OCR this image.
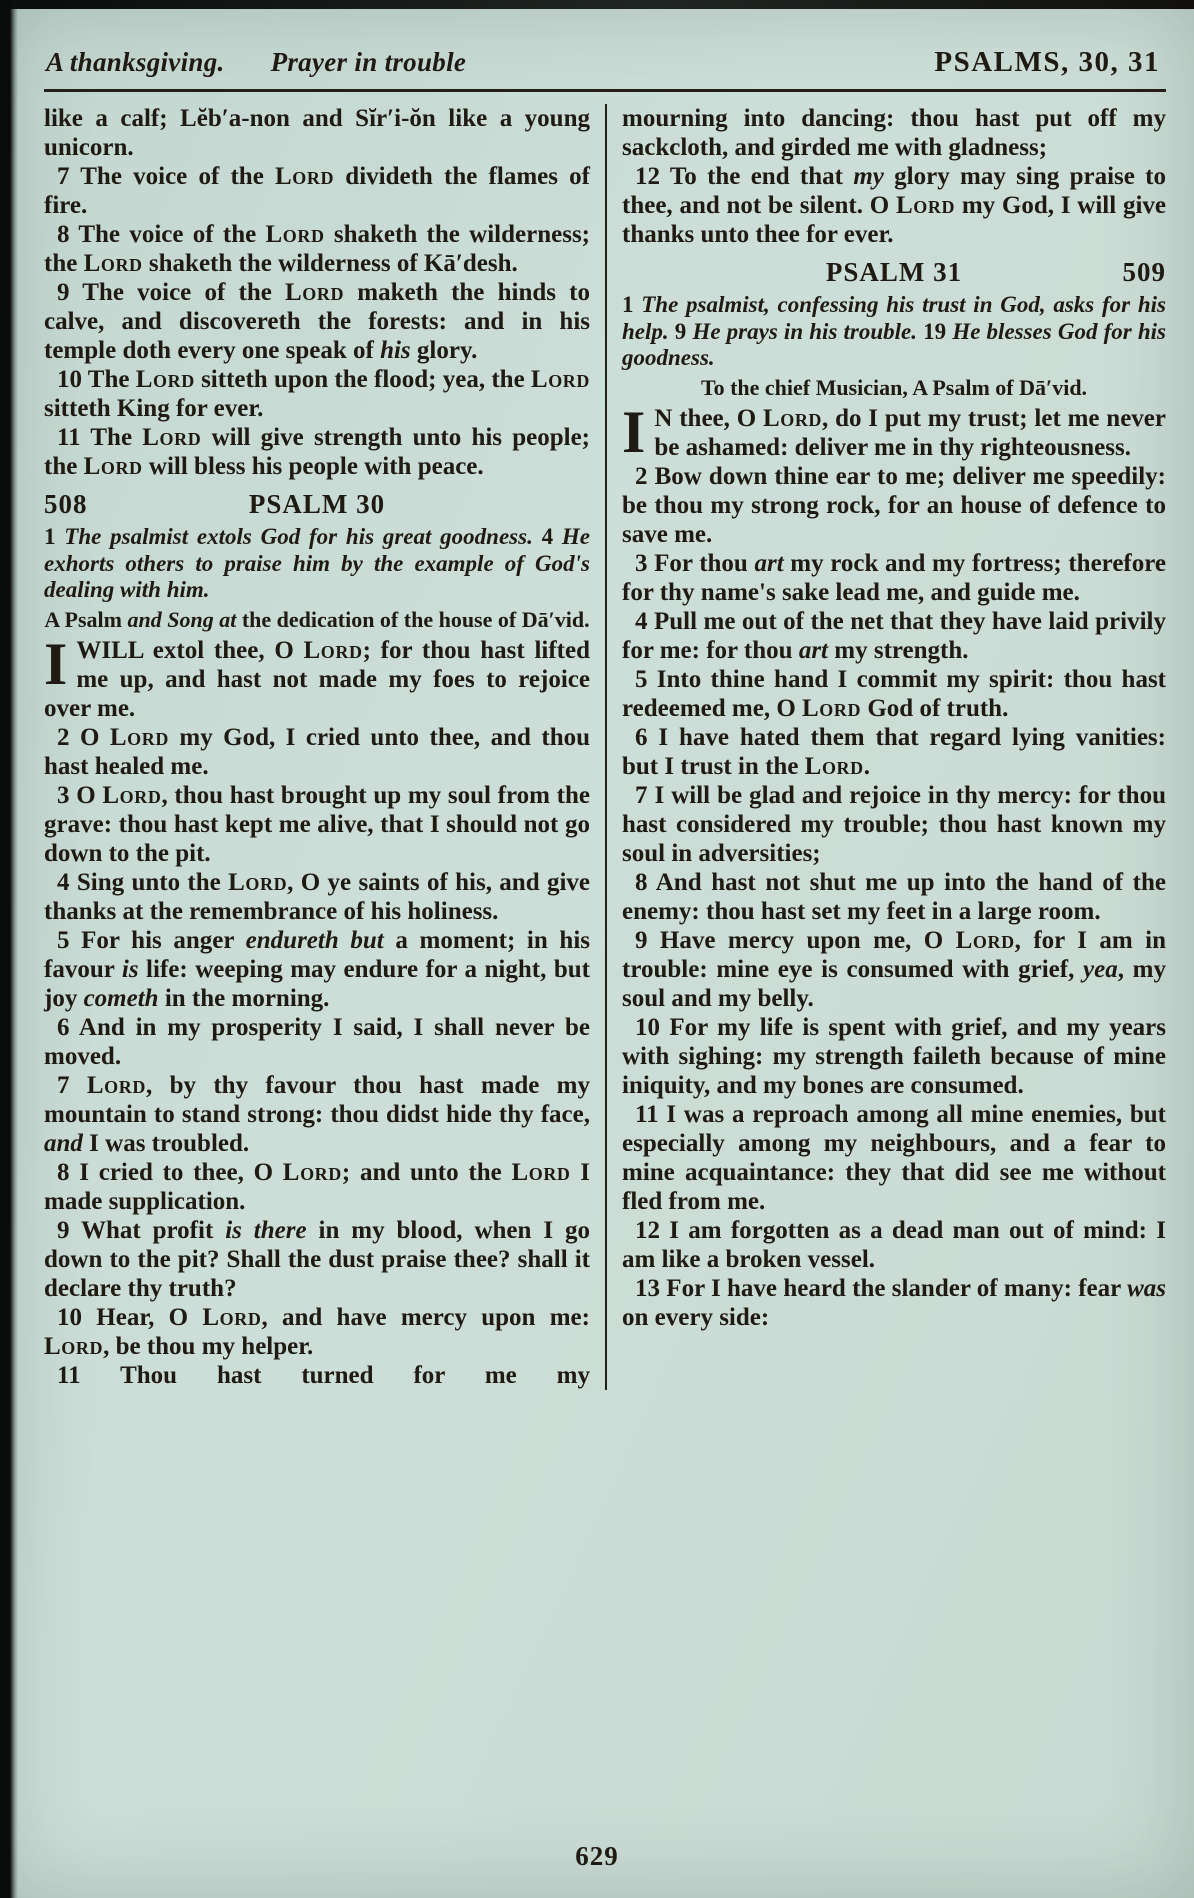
A thanksgiving. Prayer in trouble	PSALMS, 30, 31
like a calf; Lĕb′a-non and Sĭr′i-ŏn like a young unicorn.
7 The voice of the Lord divideth the flames of fire.
8 The voice of the Lord shaketh the wilderness; the Lord shaketh the wilderness of Kā′desh.
9 The voice of the Lord maketh the hinds to calve, and discovereth the forests: and in his temple doth every one speak of his glory.
10 The Lord sitteth upon the flood; yea, the Lord sitteth King for ever.
11 The Lord will give strength unto his people; the Lord will bless his people with peace.
508	PSALM 30
1 The psalmist extols God for his great goodness. 4 He exhorts others to praise him by the example of God's dealing with him.
A Psalm and Song at the dedication of the house of Dā′vid.
IWILL extol thee, O Lord; for thou hast lifted me up, and hast not made my foes to rejoice over me.
2 O Lord my God, I cried unto thee, and thou hast healed me.
3 O Lord, thou hast brought up my soul from the grave: thou hast kept me alive, that I should not go down to the pit.
4 Sing unto the Lord, O ye saints of his, and give thanks at the remembrance of his holiness.
5 For his anger endureth but a moment; in his favour is life: weeping may endure for a night, but joy cometh in the morning.
6 And in my prosperity I said, I shall never be moved.
7 Lord, by thy favour thou hast made my mountain to stand strong: thou didst hide thy face, and I was troubled.
8 I cried to thee, O Lord; and unto the Lord I made supplication.
9 What profit is there in my blood, when I go down to the pit? Shall the dust praise thee? shall it declare thy truth?
10 Hear, O Lord, and have mercy upon me: Lord, be thou my helper.
11 Thou hast turned for me my
mourning into dancing: thou hast put off my sackcloth, and girded me with gladness;
12 To the end that my glory may sing praise to thee, and not be silent. O Lord my God, I will give thanks unto thee for ever.
PSALM 31	509
1 The psalmist, confessing his trust in God, asks for his help. 9 He prays in his trouble. 19 He blesses God for his goodness.
To the chief Musician, A Psalm of Dā′vid.
I N thee, O Lord, do I put my trust; let me never be ashamed: deliver me in thy righteousness.
2 Bow down thine ear to me; deliver me speedily: be thou my strong rock, for an house of defence to save me.
3 For thou art my rock and my fortress; therefore for thy name's sake lead me, and guide me.
4 Pull me out of the net that they have laid privily for me: for thou art my strength.
5 Into thine hand I commit my spirit: thou hast redeemed me, O Lord God of truth.
6 I have hated them that regard lying vanities: but I trust in the Lord.
7 I will be glad and rejoice in thy mercy: for thou hast considered my trouble; thou hast known my soul in adversities;
8 And hast not shut me up into the hand of the enemy: thou hast set my feet in a large room.
9 Have mercy upon me, O Lord, for I am in trouble: mine eye is consumed with grief, yea, my soul and my belly.
10 For my life is spent with grief, and my years with sighing: my strength faileth because of mine iniquity, and my bones are consumed.
11 I was a reproach among all mine enemies, but especially among my neighbours, and a fear to mine acquaintance: they that did see me without fled from me.
12 I am forgotten as a dead man out of mind: I am like a broken vessel.
13 For I have heard the slander of many: fear was on every side:
629
